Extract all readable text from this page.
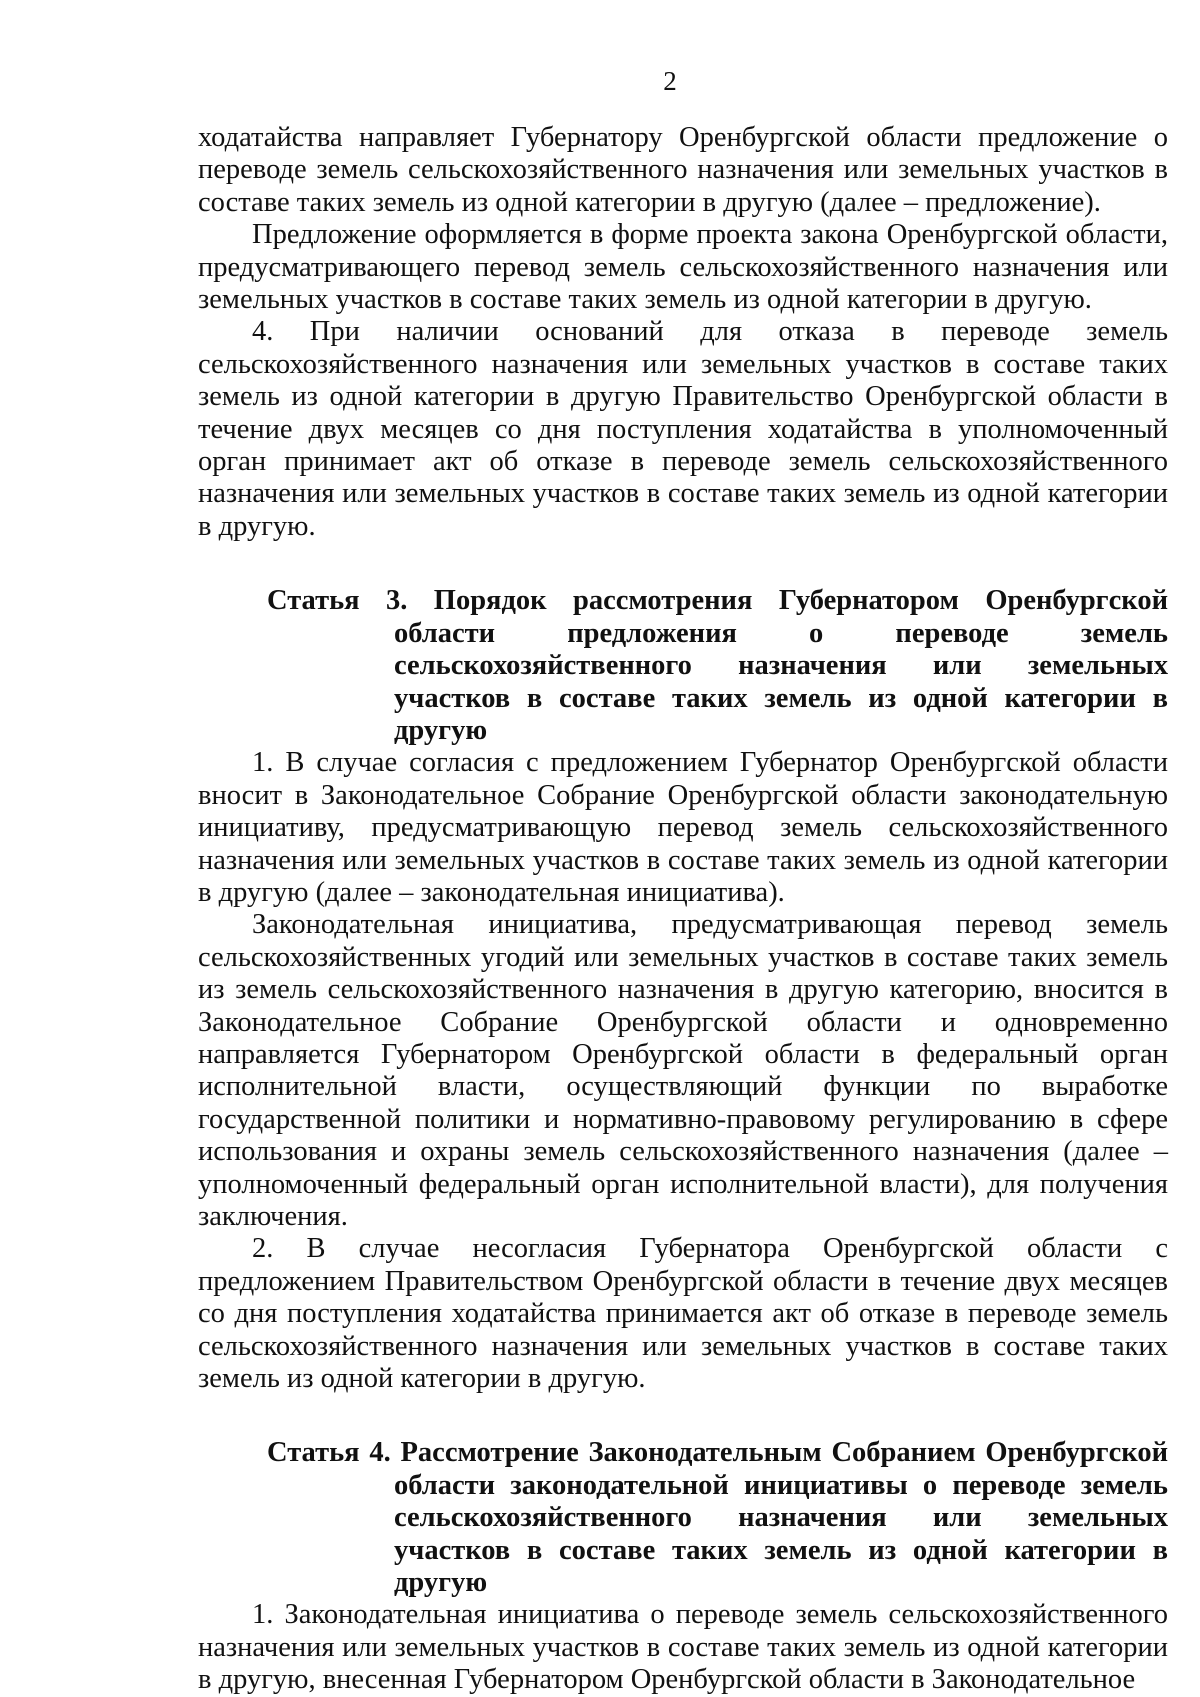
2

ходатайства направляет Губернатору Оренбургской области предложение о переводе земель сельскохозяйственного назначения или земельных участков в составе таких земель из одной категории в другую (далее – предложение).

Предложение оформляется в форме проекта закона Оренбургской области, предусматривающего перевод земель сельскохозяйственного назначения или земельных участков в составе таких земель из одной категории в другую.

4. При наличии оснований для отказа в переводе земель сельскохозяйственного назначения или земельных участков в составе таких земель из одной категории в другую Правительство Оренбургской области в течение двух месяцев со дня поступления ходатайства в уполномоченный орган принимает акт об отказе в переводе земель сельскохозяйственного назначения или земельных участков в составе таких земель из одной категории в другую.

Статья 3. Порядок рассмотрения Губернатором Оренбургской области предложения о переводе земель сельскохозяйственного назначения или земельных участков в составе таких земель из одной категории в другую

1. В случае согласия с предложением Губернатор Оренбургской области вносит в Законодательное Собрание Оренбургской области законодательную инициативу, предусматривающую перевод земель сельскохозяйственного назначения или земельных участков в составе таких земель из одной категории в другую (далее – законодательная инициатива).

Законодательная инициатива, предусматривающая перевод земель сельскохозяйственных угодий или земельных участков в составе таких земель из земель сельскохозяйственного назначения в другую категорию, вносится в Законодательное Собрание Оренбургской области и одновременно направляется Губернатором Оренбургской области в федеральный орган исполнительной власти, осуществляющий функции по выработке государственной политики и нормативно-правовому регулированию в сфере использования и охраны земель сельскохозяйственного назначения (далее – уполномоченный федеральный орган исполнительной власти), для получения заключения.

2. В случае несогласия Губернатора Оренбургской области с предложением Правительством Оренбургской области в течение двух месяцев со дня поступления ходатайства принимается акт об отказе в переводе земель сельскохозяйственного назначения или земельных участков в составе таких земель из одной категории в другую.

Статья 4. Рассмотрение Законодательным Собранием Оренбургской области законодательной инициативы о переводе земель сельскохозяйственного назначения или земельных участков в составе таких земель из одной категории в другую

1. Законодательная инициатива о переводе земель сельскохозяйственного назначения или земельных участков в составе таких земель из одной категории в другую, внесенная Губернатором Оренбургской области в Законодательное
